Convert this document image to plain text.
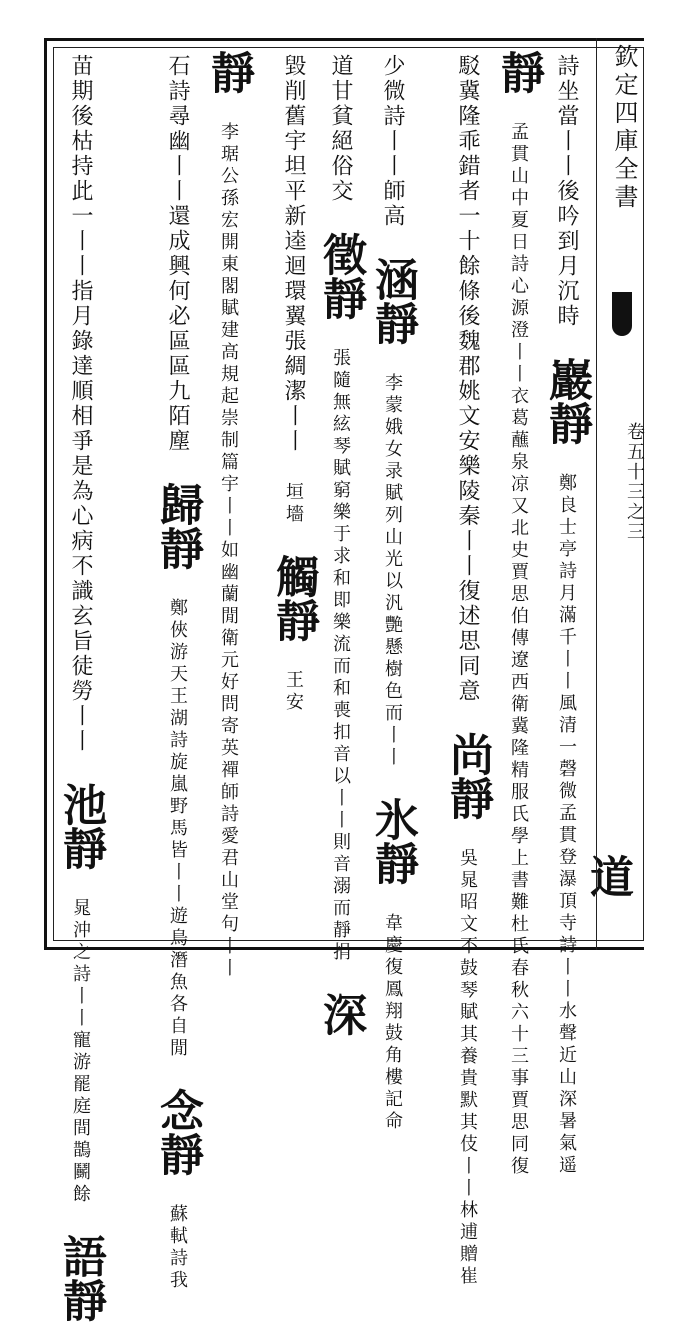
詩坐當丨丨後吟到月沉時 巖靜 鄭良士亭詩月滿千丨丨風清一磬微孟貫登瀑頂寺詩丨丨水聲近山深暑氣遥 道
靜 孟貫山中夏日詩心源澄丨丨衣葛蘸泉凉又北史賈思伯傳遼西衛冀隆精服氏學上書難杜氏春秋六十三事賈思同復
駁冀隆乖錯者一十餘條後魏郡姚文安樂陵秦丨丨復述思同意 尚靜 吳晁昭文不鼓琴賦其養貴默其伎丨丨林逋贈崔
少微詩丨丨師高 涵靜 李蒙娥女录賦列山光以汎艷懸樹色而丨丨 氷靜 韋慶復鳳翔鼓角樓記命
道甘貧絕俗交 徵靜 張隨無絃琴賦窮樂于求和即樂流而和喪扣音以丨丨則音溺而靜捐 深
毀削舊宇坦平新逵迴環翼張綢潔丨丨 垣墻 觸靜 王安
靜 李琚公孫宏開東閣賦建高規起崇制篇宇丨丨如幽蘭閒衛元好問寄英禪師詩愛君山堂句丨丨
石詩尋幽丨丨還成興何必區區九陌塵 歸靜 鄭俠游天王湖詩旋嵐野馬皆丨丨遊鳥潛魚各自閒 念靜 蘇軾詩我
苗期後枯持此一丨丨指月錄達順相爭是為心病不識玄旨徒勞丨丨 池靜 晁沖之詩丨丨寵游罷庭間鵲鬭餘 語靜
欽定四庫全書
卷五十三之三
